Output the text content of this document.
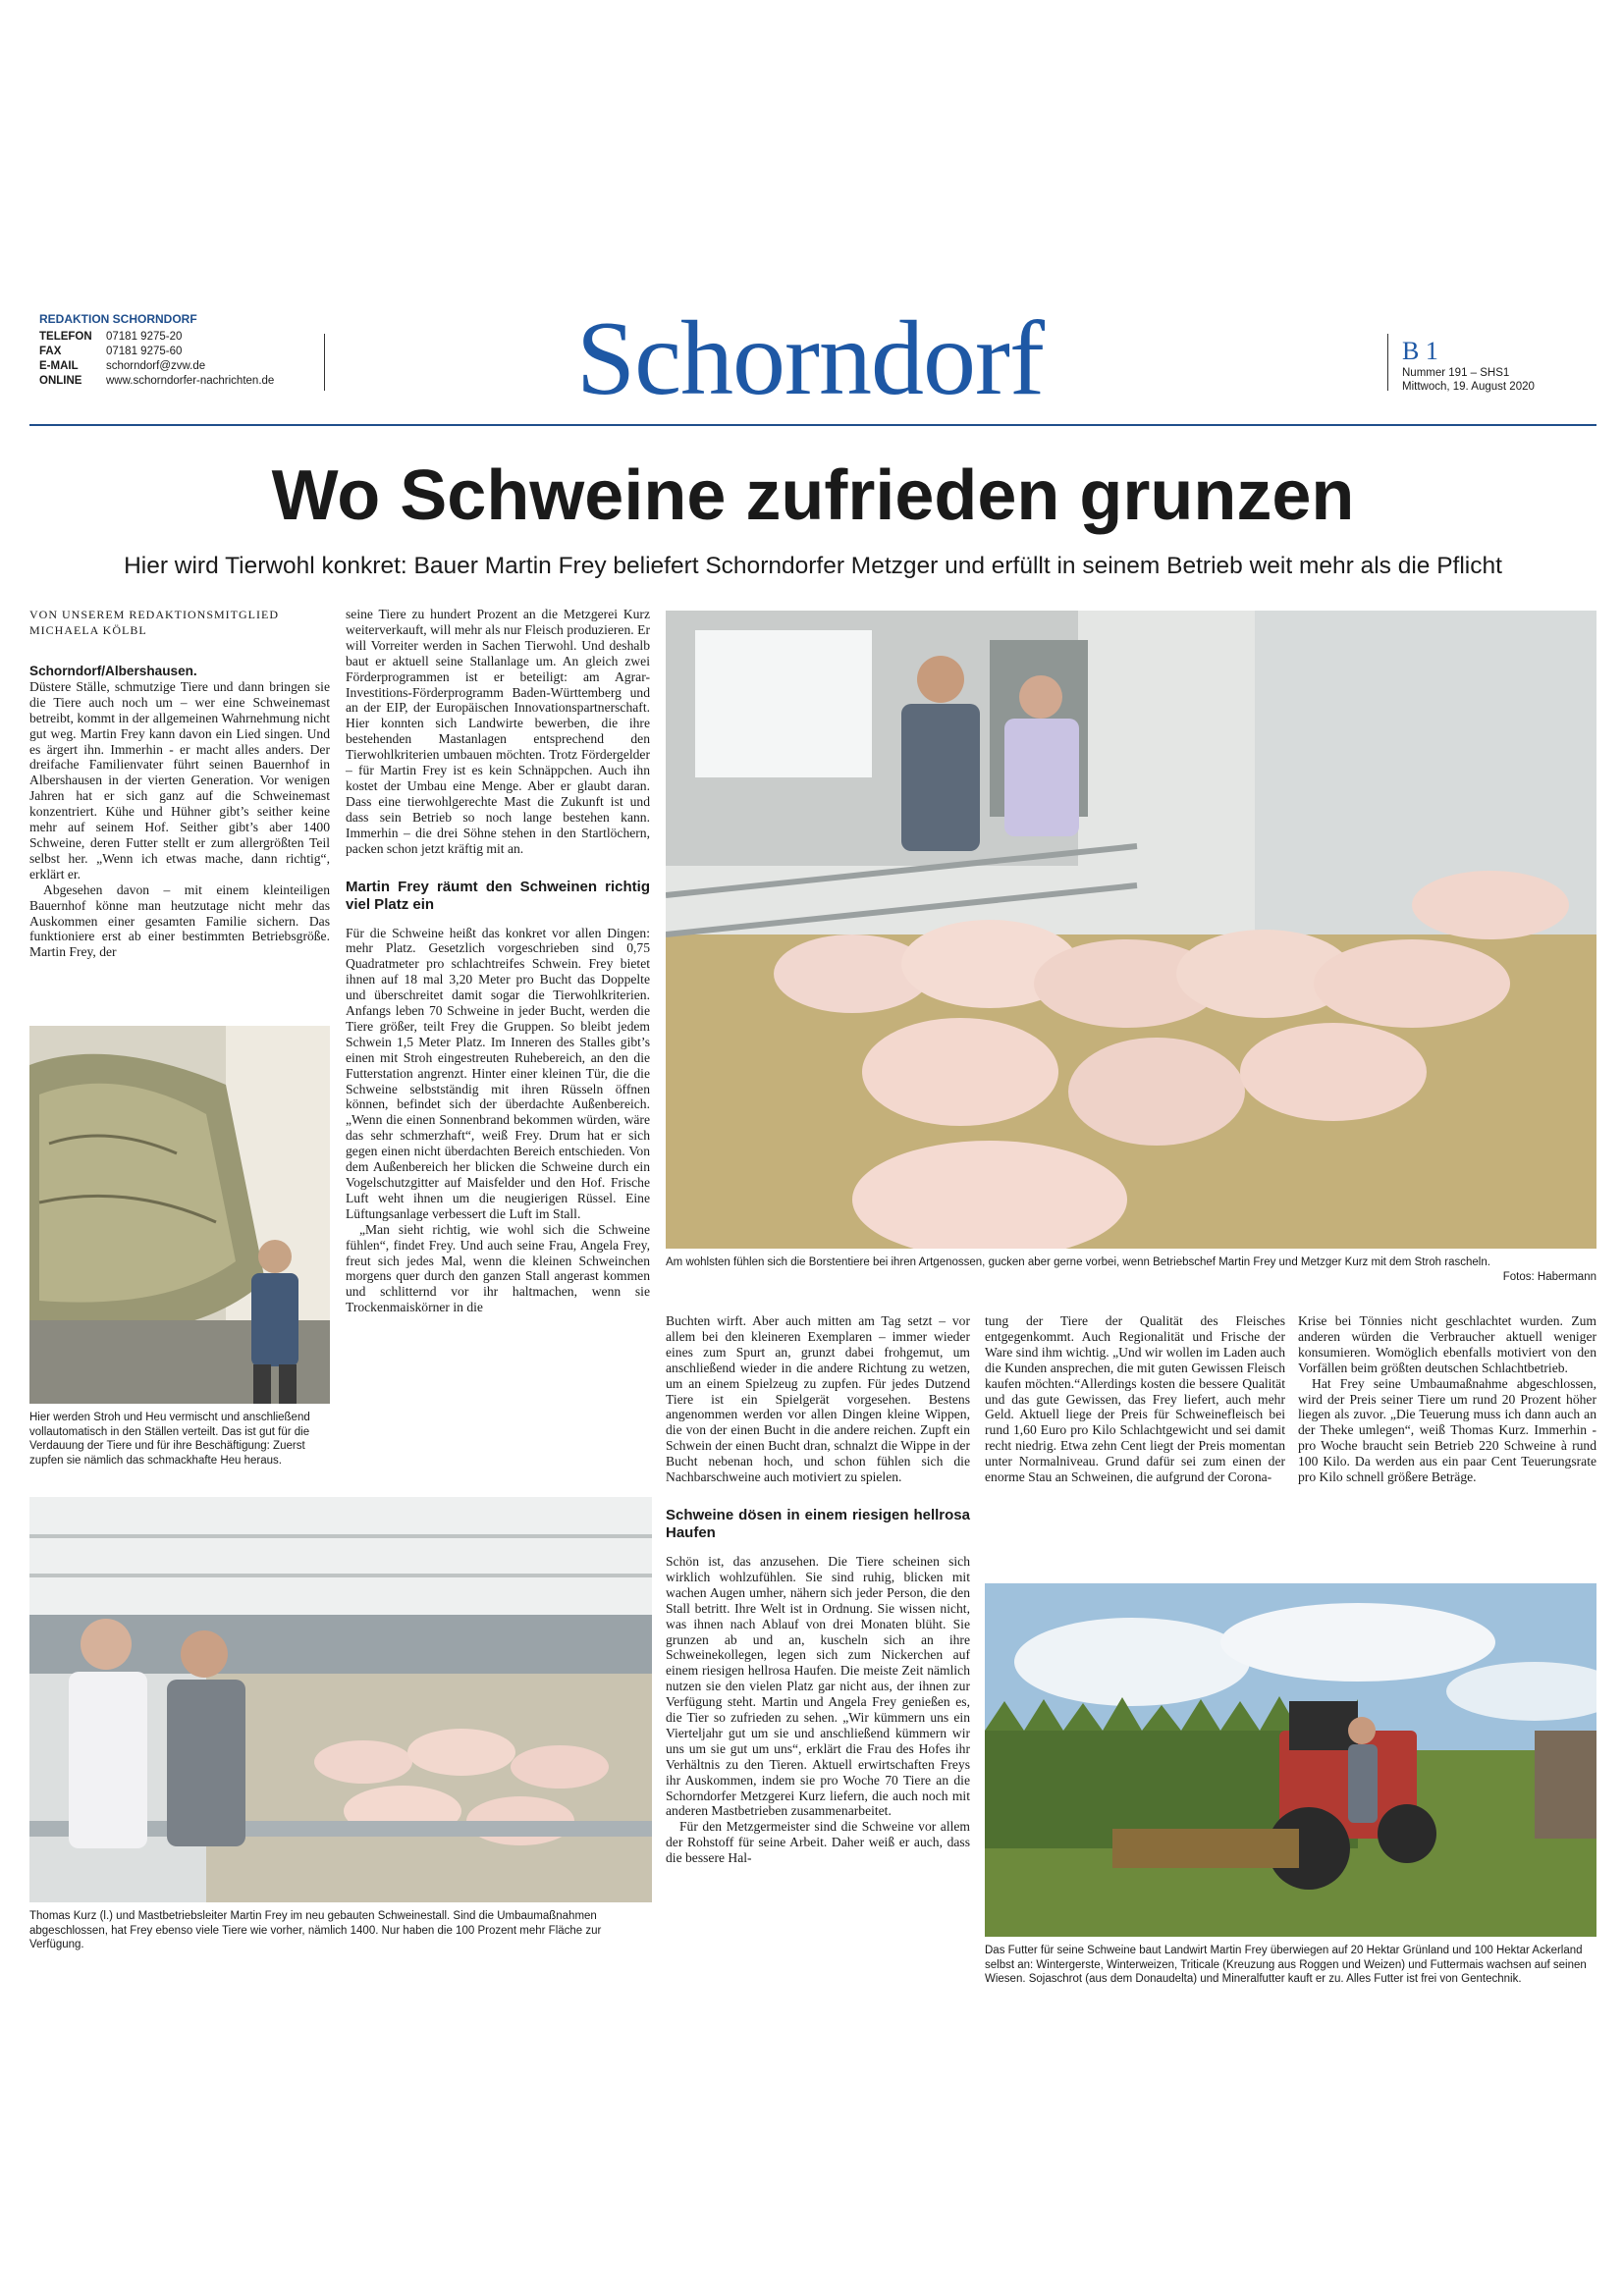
REDAKTION SCHORNDORF
TELEFON	07181 9275-20
FAX	07181 9275-60
E-MAIL	schorndorf@zvw.de
ONLINE	www.schorndorfer-nachrichten.de	Schorndorf	B 1
Nummer 191 – SHS1
Mittwoch, 19. August 2020
Wo Schweine zufrieden grunzen
Hier wird Tierwohl konkret: Bauer Martin Frey beliefert Schorndorfer Metzger und erfüllt in seinem Betrieb weit mehr als die Pflicht
VON UNSEREM REDAKTIONSMITGLIED
MICHAELA KÖLBL

Schorndorf/Albershausen.

Düstere Ställe, schmutzige Tiere und dann bringen sie die Tiere auch noch um – wer eine Schweinemast betreibt, kommt in der allgemeinen Wahrnehmung nicht gut weg. Martin Frey kann davon ein Lied singen. Und es ärgert ihn. Immerhin - er macht alles anders. Der dreifache Familienvater führt seinen Bauernhof in Albershausen in der vierten Generation. Vor wenigen Jahren hat er sich ganz auf die Schweinemast konzentriert. Kühe und Hühner gibt’s seither keine mehr auf seinem Hof. Seither gibt’s aber 1400 Schweine, deren Futter stellt er zum allergrößten Teil selbst her. „Wenn ich etwas mache, dann richtig“, erklärt er.

Abgesehen davon – mit einem kleinteiligen Bauernhof könne man heutzutage nicht mehr das Auskommen einer gesamten Familie sichern. Das funktioniere erst ab einer bestimmten Betriebsgröße. Martin Frey, der

Hier werden Stroh und Heu vermischt und anschließend vollautomatisch in den Ställen verteilt. Das ist gut für die Verdauung der Tiere und für ihre Beschäftigung: Zuerst zupfen sie nämlich das schmackhafte Heu heraus.

seine Tiere zu hundert Prozent an die Metzgerei Kurz weiterverkauft, will mehr als nur Fleisch produzieren. Er will Vorreiter werden in Sachen Tierwohl. Und deshalb baut er aktuell seine Stallanlage um. An gleich zwei Förderprogrammen ist er beteiligt: am Agrar-Investitions-Förderprogramm Baden-Württemberg und an der EIP, der Europäischen Innovationspartnerschaft. Hier konnten sich Landwirte bewerben, die ihre bestehenden Mastanlagen entsprechend den Tierwohlkriterien umbauen möchten. Trotz Fördergelder – für Martin Frey ist es kein Schnäppchen. Auch ihn kostet der Umbau eine Menge. Aber er glaubt daran. Dass eine tierwohlgerechte Mast die Zukunft ist und dass sein Betrieb so noch lange bestehen kann. Immerhin – die drei Söhne stehen in den Startlöchern, packen schon jetzt kräftig mit an.

Martin Frey räumt den Schweinen richtig viel Platz ein

Für die Schweine heißt das konkret vor allen Dingen: mehr Platz. Gesetzlich vorgeschrieben sind 0,75 Quadratmeter pro schlachtreifes Schwein. Frey bietet ihnen auf 18 mal 3,20 Meter pro Bucht das Doppelte und überschreitet damit sogar die Tierwohlkriterien. Anfangs leben 70 Schweine in jeder Bucht, werden die Tiere größer, teilt Frey die Gruppen. So bleibt jedem Schwein 1,5 Meter Platz. Im Inneren des Stalles gibt’s einen mit Stroh eingestreuten Ruhebereich, an den die Futterstation angrenzt. Hinter einer kleinen Tür, die die Schweine selbstständig mit ihren Rüsseln öffnen können, befindet sich der überdachte Außenbereich. „Wenn die einen Sonnenbrand bekommen würden, wäre das sehr schmerzhaft“, weiß Frey. Drum hat er sich gegen einen nicht überdachten Bereich entschieden. Von dem Außenbereich her blicken die Schweine durch ein Vogelschutzgitter auf Maisfelder und den Hof. Frische Luft weht ihnen um die neugierigen Rüssel. Eine Lüftungsanlage verbessert die Luft im Stall.

„Man sieht richtig, wie wohl sich die Schweine fühlen“, findet Frey. Und auch seine Frau, Angela Frey, freut sich jedes Mal, wenn die kleinen Schweinchen morgens quer durch den ganzen Stall angerast kommen und schlitternd vor ihr haltmachen, wenn sie Trockenmaiskörner in die

Am wohlsten fühlen sich die Borstentiere bei ihren Artgenossen, gucken aber gerne vorbei, wenn Betriebschef Martin Frey und Metzger Kurz mit dem Stroh rascheln.
Fotos: Habermann

Buchten wirft. Aber auch mitten am Tag setzt – vor allem bei den kleineren Exemplaren – immer wieder eines zum Spurt an, grunzt dabei frohgemut, um anschließend wieder in die andere Richtung zu wetzen, um an einem Spielzeug zu zupfen. Für jedes Dutzend Tiere ist ein Spielgerät vorgesehen. Bestens angenommen werden vor allen Dingen kleine Wippen, die von der einen Bucht in die andere reichen. Zupft ein Schwein der einen Bucht dran, schnalzt die Wippe in der Bucht nebenan hoch, und schon fühlen sich die Nachbarschweine auch motiviert zu spielen.

Schweine dösen in einem riesigen hellrosa Haufen

Schön ist, das anzusehen. Die Tiere scheinen sich wirklich wohlzufühlen. Sie sind ruhig, blicken mit wachen Augen umher, nähern sich jeder Person, die den Stall betritt. Ihre Welt ist in Ordnung. Sie wissen nicht, was ihnen nach Ablauf von drei Monaten blüht. Sie grunzen ab und an, kuscheln sich an ihre Schweinekollegen, legen sich zum Nickerchen auf einem riesigen hellrosa Haufen. Die meiste Zeit nämlich nutzen sie den vielen Platz gar nicht aus, der ihnen zur Verfügung steht. Martin und Angela Frey genießen es, die Tier so zufrieden zu sehen. „Wir kümmern uns ein Vierteljahr gut um sie und anschließend kümmern wir uns um sie gut um uns“, erklärt die Frau des Hofes ihr Verhältnis zu den Tieren. Aktuell erwirtschaften Freys ihr Auskommen, indem sie pro Woche 70 Tiere an die Schorndorfer Metzgerei Kurz liefern, die auch noch mit anderen Mastbetrieben zusammenarbeitet.

Für den Metzgermeister sind die Schweine vor allem der Rohstoff für seine Arbeit. Daher weiß er auch, dass die bessere Hal-

tung der Tiere der Qualität des Fleisches entgegenkommt. Auch Regionalität und Frische der Ware sind ihm wichtig. „Und wir wollen im Laden auch die Kunden ansprechen, die mit guten Gewissen Fleisch kaufen möchten.“Allerdings kosten die bessere Qualität und das gute Gewissen, das Frey liefert, auch mehr Geld. Aktuell liege der Preis für Schweinefleisch bei rund 1,60 Euro pro Kilo Schlachtgewicht und sei damit recht niedrig. Etwa zehn Cent liegt der Preis momentan unter Normalniveau. Grund dafür sei zum einen der enorme Stau an Schweinen, die aufgrund der Corona-

Krise bei Tönnies nicht geschlachtet wurden. Zum anderen würden die Verbraucher aktuell weniger konsumieren. Womöglich ebenfalls motiviert von den Vorfällen beim größten deutschen Schlachtbetrieb.

Hat Frey seine Umbaumaßnahme abgeschlossen, wird der Preis seiner Tiere um rund 20 Prozent höher liegen als zuvor. „Die Teuerung muss ich dann auch an der Theke umlegen“, weiß Thomas Kurz. Immerhin - pro Woche braucht sein Betrieb 220 Schweine à rund 100 Kilo. Da werden aus ein paar Cent Teuerungsrate pro Kilo schnell größere Beträge.

Thomas Kurz (l.) und Mastbetriebsleiter Martin Frey im neu gebauten Schweinestall. Sind die Umbaumaßnahmen abgeschlossen, hat Frey ebenso viele Tiere wie vorher, nämlich 1400. Nur haben die 100 Prozent mehr Fläche zur Verfügung.	Das Futter für seine Schweine baut Landwirt Martin Frey überwiegen auf 20 Hektar Grünland und 100 Hektar Ackerland selbst an: Wintergerste, Winterweizen, Triticale (Kreuzung aus Roggen und Weizen) und Futtermais wachsen auf seinen Wiesen. Sojaschrot (aus dem Donaudelta) und Mineralfutter kauft er zu. Alles Futter ist frei von Gentechnik.
